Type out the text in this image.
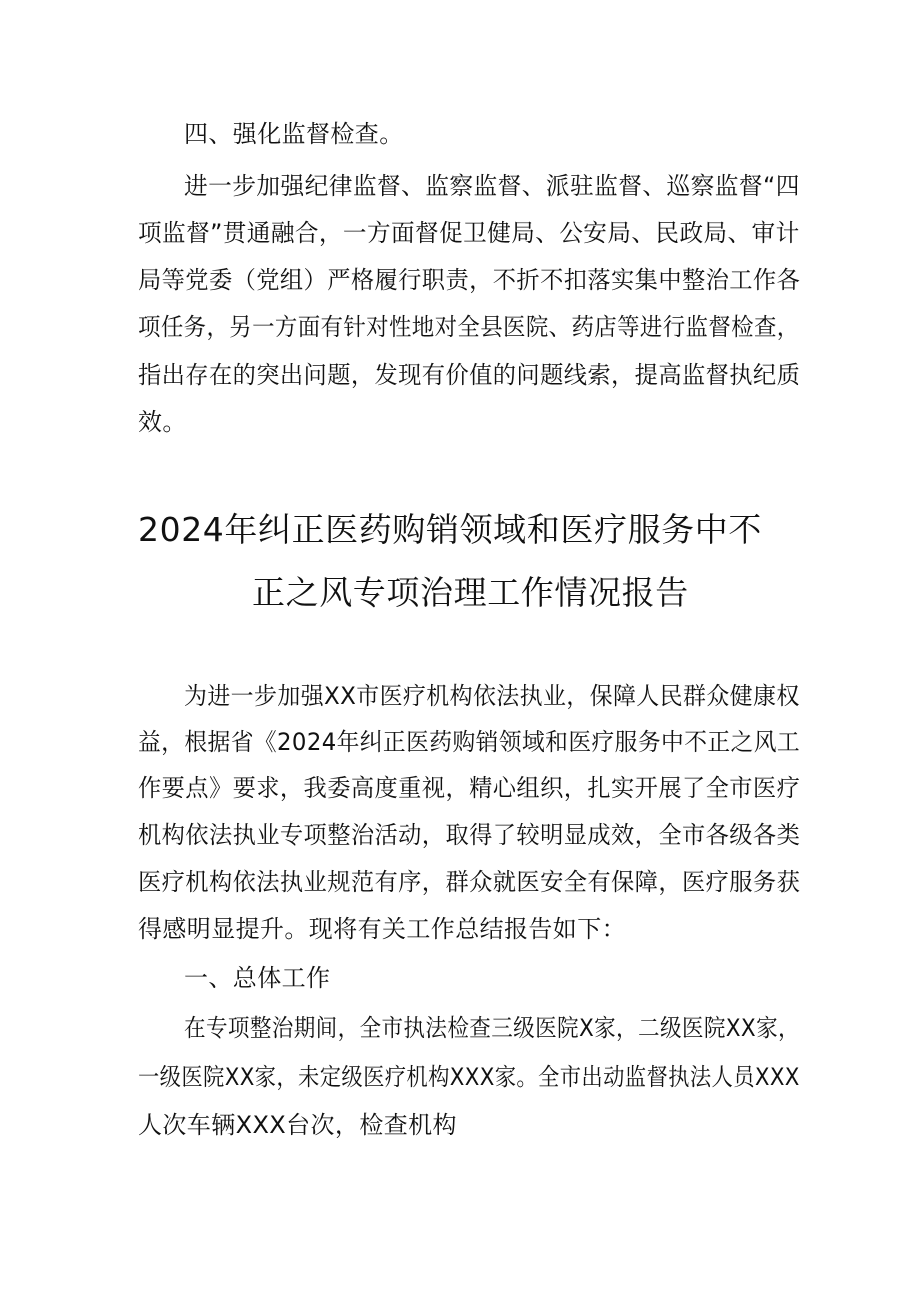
四、强化监督检查。
进一步加强纪律监督、监察监督、派驻监督、巡察监督“四
项监督”贯通融合，一方面督促卫健局、公安局、民政局、审计
局等党委（党组）严格履行职责，不折不扣落实集中整治工作各
项任务，另一方面有针对性地对全县医院、药店等进行监督检查，
指出存在的突出问题，发现有价值的问题线索，提高监督执纪质
效。
2024年纠正医药购销领域和医疗服务中不
正之风专项治理工作情况报告
为进一步加强XX市医疗机构依法执业，保障人民群众健康权
益，根据省《2024年纠正医药购销领域和医疗服务中不正之风工
作要点》要求，我委高度重视，精心组织，扎实开展了全市医疗
机构依法执业专项整治活动，取得了较明显成效，全市各级各类
医疗机构依法执业规范有序，群众就医安全有保障，医疗服务获
得感明显提升。现将有关工作总结报告如下：
一、总体工作
在专项整治期间，全市执法检查三级医院X家，二级医院XX家，
一级医院XX家，未定级医疗机构XXX家。全市出动监督执法人员XXX
人次车辆XXX台次，检查机构
